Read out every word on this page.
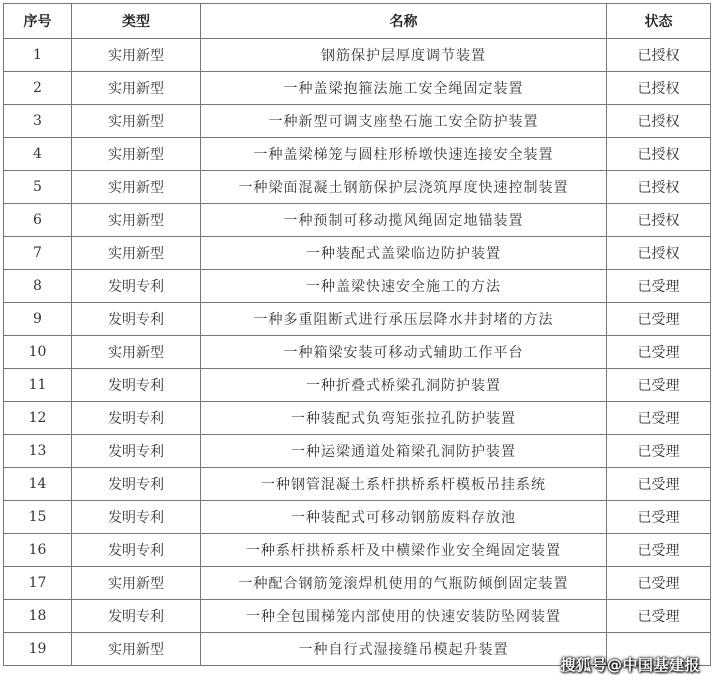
序号	类型	名称	状态
1	实用新型	钢筋保护层厚度调节装置	已授权
2	实用新型	一种盖梁抱箍法施工安全绳固定装置	已授权
3	实用新型	一种新型可调支座垫石施工安全防护装置	已授权
4	实用新型	一种盖梁梯笼与圆柱形桥墩快速连接安全装置	已授权
5	实用新型	一种梁面混凝土钢筋保护层浇筑厚度快速控制装置	已授权
6	实用新型	一种预制可移动揽风绳固定地锚装置	已授权
7	实用新型	一种装配式盖梁临边防护装置	已授权
8	发明专利	一种盖梁快速安全施工的方法	已受理
9	发明专利	一种多重阻断式进行承压层降水井封堵的方法	已受理
10	实用新型	一种箱梁安装可移动式辅助工作平台	已受理
11	发明专利	一种折叠式桥梁孔洞防护装置	已受理
12	发明专利	一种装配式负弯矩张拉孔防护装置	已受理
13	发明专利	一种运梁通道处箱梁孔洞防护装置	已受理
14	发明专利	一种钢管混凝土系杆拱桥系杆模板吊挂系统	已受理
15	发明专利	一种装配式可移动钢筋废料存放池	已受理
16	发明专利	一种系杆拱桥系杆及中横梁作业安全绳固定装置	已受理
17	实用新型	一种配合钢筋笼滚焊机使用的气瓶防倾倒固定装置	已受理
18	发明专利	一种全包围梯笼内部使用的快速安装防坠网装置	已受理
19	实用新型	一种自行式湿接缝吊模起升装置	
搜狐号@中国基建报
